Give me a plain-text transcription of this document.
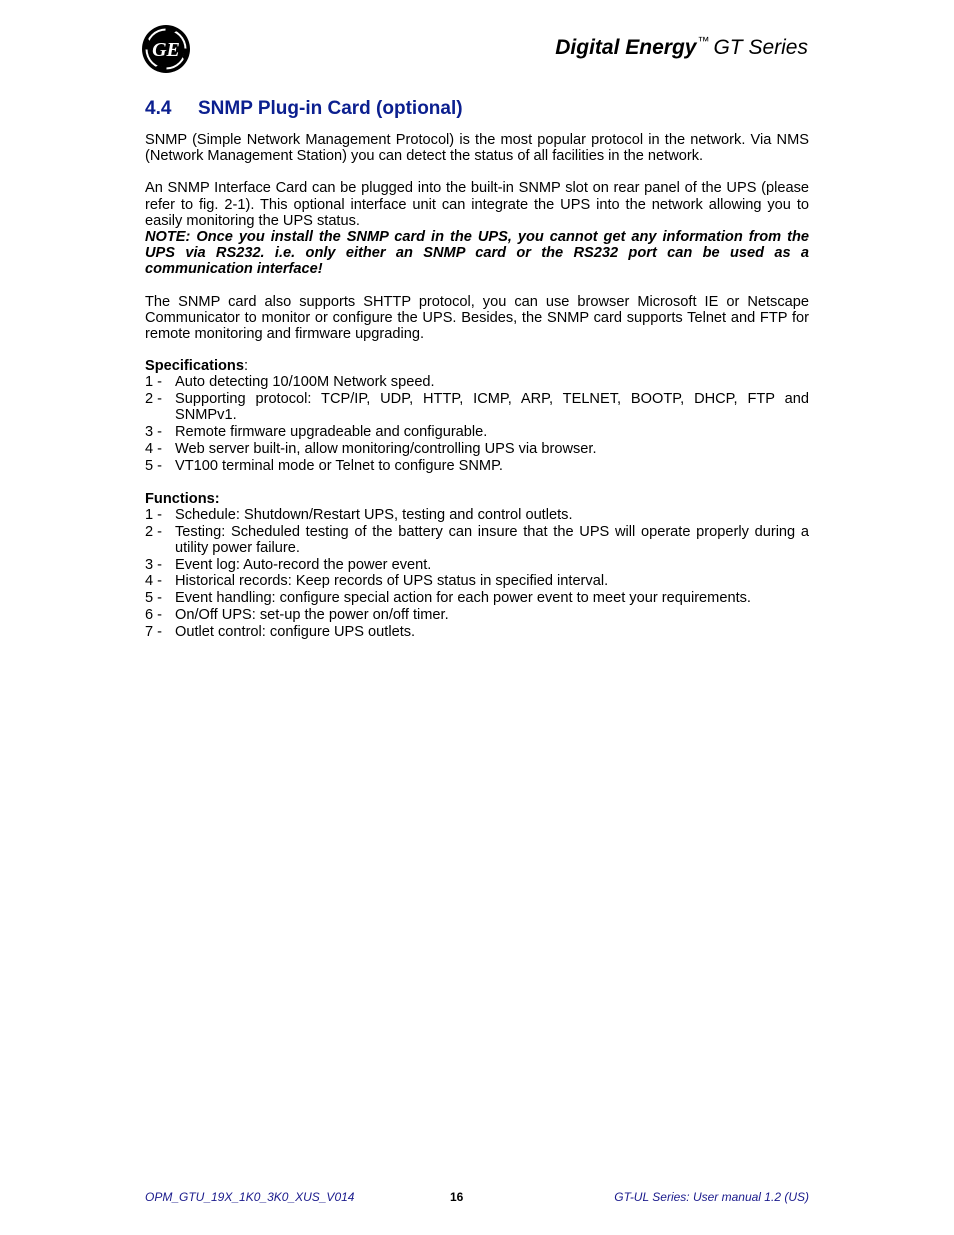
GE	Digital Energy™ GT Series
4.4 SNMP Plug-in Card (optional)

SNMP (Simple Network Management Protocol) is the most popular protocol in the network. Via NMS (Network Management Station) you can detect the status of all facilities in the network.

An SNMP Interface Card can be plugged into the built-in SNMP slot on rear panel of the UPS (please refer to fig. 2-1). This optional interface unit can integrate the UPS into the network allowing you to easily monitoring the UPS status.

NOTE: Once you install the SNMP card in the UPS, you cannot get any information from the UPS via RS232. i.e. only either an SNMP card or the RS232 port can be used as a communication interface!

The SNMP card also supports SHTTP protocol, you can use browser Microsoft IE or Netscape Communicator to monitor or configure the UPS. Besides, the SNMP card supports Telnet and FTP for remote monitoring and firmware upgrading.

Specifications:

1 - Auto detecting 10/100M Network speed.
2 - Supporting protocol: TCP/IP, UDP, HTTP, ICMP, ARP, TELNET, BOOTP, DHCP, FTP and SNMPv1.
3 - Remote firmware upgradeable and configurable.
4 - Web server built-in, allow monitoring/controlling UPS via browser.
5 - VT100 terminal mode or Telnet to configure SNMP.

Functions:

1 - Schedule: Shutdown/Restart UPS, testing and control outlets.
2 - Testing: Scheduled testing of the battery can insure that the UPS will operate properly during a utility power failure.
3 - Event log: Auto-record the power event.
4 - Historical records: Keep records of UPS status in specified interval.
5 - Event handling: configure special action for each power event to meet your requirements.
6 - On/Off UPS: set-up the power on/off timer.
7 - Outlet control: configure UPS outlets.
OPM_GTU_19X_1K0_3K0_XUS_V014	16	GT-UL Series: User manual 1.2 (US)
